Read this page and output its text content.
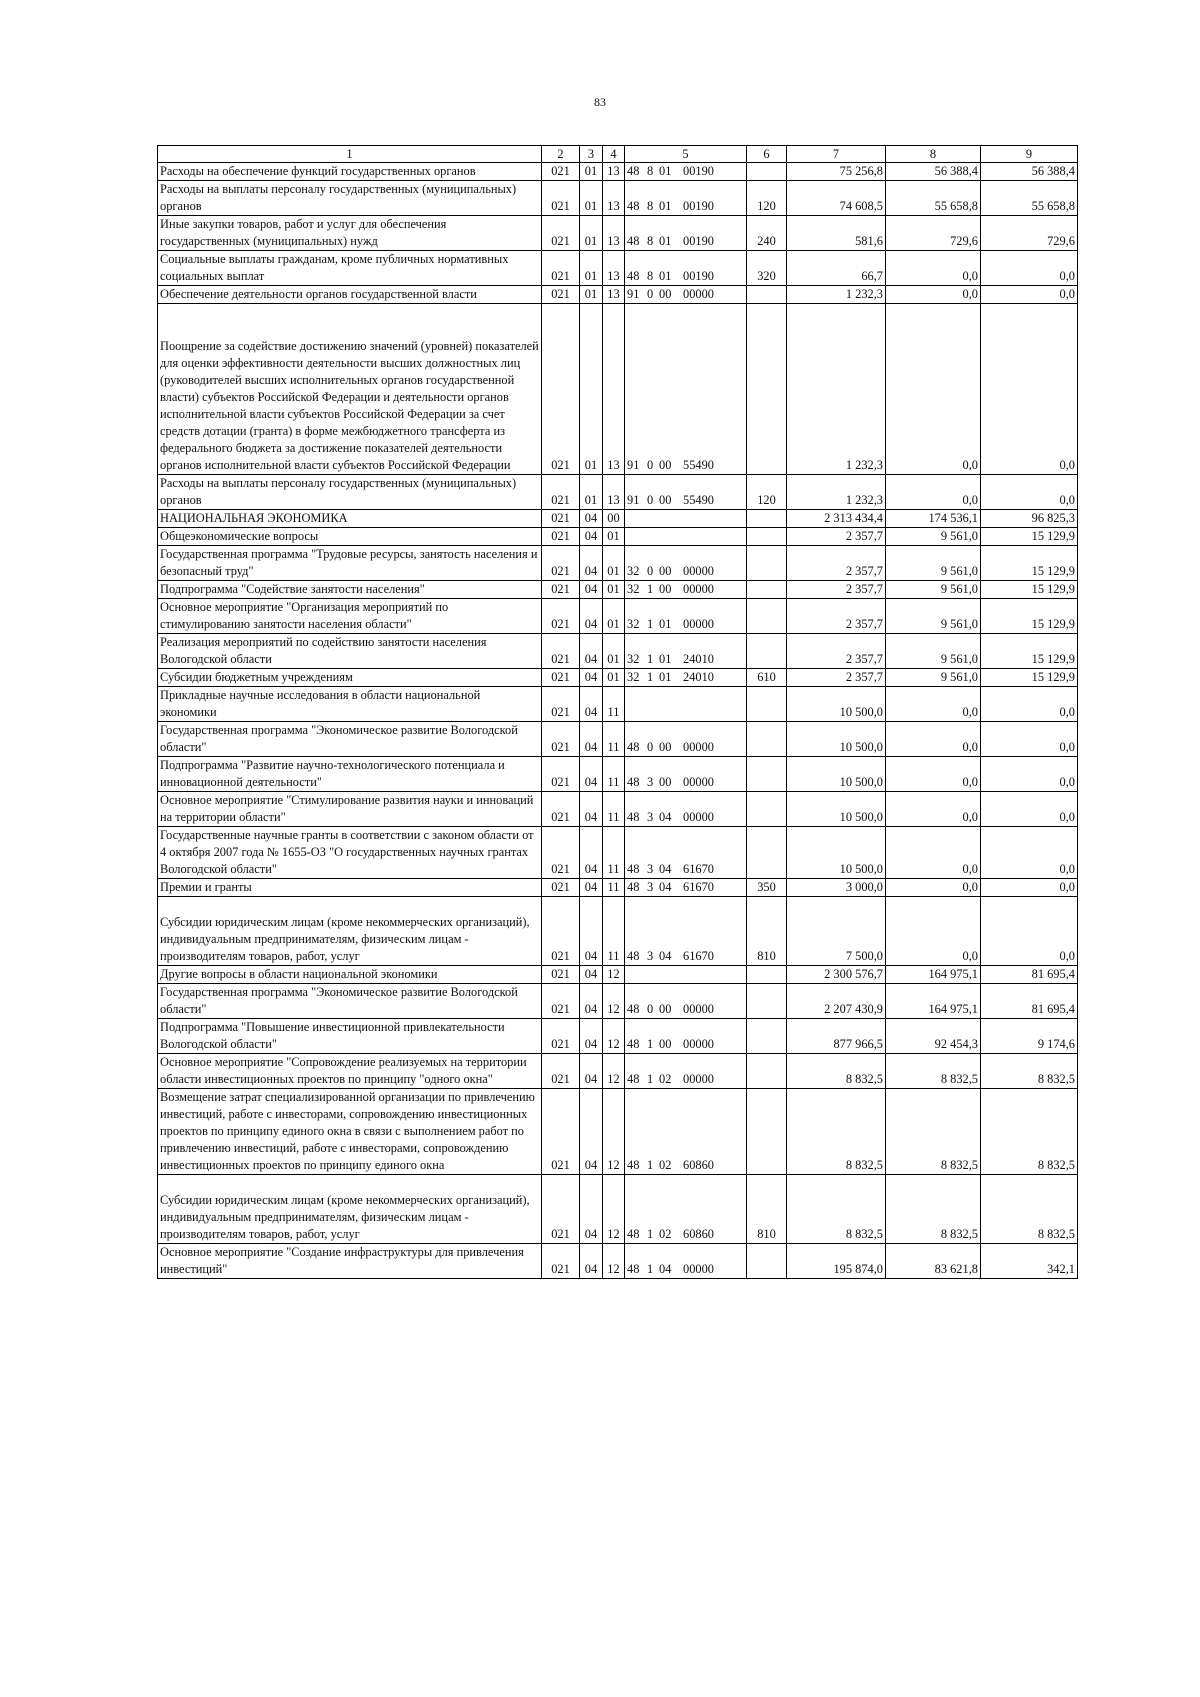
83
1	2	3	4	5	6	7	8	9
Расходы на обеспечение функций государственных органов	021	01	13	48 8 01 00190		75 256,8	56 388,4	56 388,4
Расходы на выплаты персоналу государственных (муниципальных) органов	021	01	13	48 8 01 00190	120	74 608,5	55 658,8	55 658,8
Иные закупки товаров, работ и услуг для обеспечения государственных (муниципальных) нужд	021	01	13	48 8 01 00190	240	581,6	729,6	729,6
Социальные выплаты гражданам, кроме публичных нормативных социальных выплат	021	01	13	48 8 01 00190	320	66,7	0,0	0,0
Обеспечение деятельности органов государственной власти	021	01	13	91 0 00 00000		1 232,3	0,0	0,0

Поощрение за содействие достижению значений (уровней) показателей для оценки эффективности деятельности высших должностных лиц (руководителей высших исполнительных органов государственной власти) субъектов Российской Федерации и деятельности органов исполнительной власти субъектов Российской Федерации за счет средств дотации (гранта) в форме межбюджетного трансферта из федерального бюджета за достижение показателей деятельности органов исполнительной власти субъектов Российской Федерации	021	01	13	91 0 00 55490		1 232,3	0,0	0,0
Расходы на выплаты персоналу государственных (муниципальных) органов	021	01	13	91 0 00 55490	120	1 232,3	0,0	0,0
НАЦИОНАЛЬНАЯ ЭКОНОМИКА	021	04	00			2 313 434,4	174 536,1	96 825,3
Общеэкономические вопросы	021	04	01			2 357,7	9 561,0	15 129,9
Государственная программа "Трудовые ресурсы, занятость населения и безопасный труд"	021	04	01	32 0 00 00000		2 357,7	9 561,0	15 129,9
Подпрограмма "Содействие занятости населения"	021	04	01	32 1 00 00000		2 357,7	9 561,0	15 129,9
Основное мероприятие "Организация мероприятий по стимулированию занятости населения области"	021	04	01	32 1 01 00000		2 357,7	9 561,0	15 129,9
Реализация мероприятий по содействию занятости населения Вологодской области	021	04	01	32 1 01 24010		2 357,7	9 561,0	15 129,9
Субсидии бюджетным учреждениям	021	04	01	32 1 01 24010	610	2 357,7	9 561,0	15 129,9
Прикладные научные исследования в области национальной экономики	021	04	11			10 500,0	0,0	0,0
Государственная программа "Экономическое развитие Вологодской области"	021	04	11	48 0 00 00000		10 500,0	0,0	0,0
Подпрограмма "Развитие научно-технологического потенциала и инновационной деятельности"	021	04	11	48 3 00 00000		10 500,0	0,0	0,0
Основное мероприятие "Стимулирование развития науки и инноваций на территории области"	021	04	11	48 3 04 00000		10 500,0	0,0	0,0
Государственные научные гранты в соответствии с законом области от 4 октября 2007 года № 1655-ОЗ "О государственных научных грантах Вологодской области"	021	04	11	48 3 04 61670		10 500,0	0,0	0,0
Премии и гранты	021	04	11	48 3 04 61670	350	3 000,0	0,0	0,0

Субсидии юридическим лицам (кроме некоммерческих организаций), индивидуальным предпринимателям, физическим лицам - производителям товаров, работ, услуг	021	04	11	48 3 04 61670	810	7 500,0	0,0	0,0
Другие вопросы в области национальной экономики	021	04	12			2 300 576,7	164 975,1	81 695,4
Государственная программа "Экономическое развитие Вологодской области"	021	04	12	48 0 00 00000		2 207 430,9	164 975,1	81 695,4
Подпрограмма "Повышение инвестиционной привлекательности Вологодской области"	021	04	12	48 1 00 00000		877 966,5	92 454,3	9 174,6
Основное мероприятие "Сопровождение реализуемых на территории области инвестиционных проектов по принципу "одного окна"	021	04	12	48 1 02 00000		8 832,5	8 832,5	8 832,5
Возмещение затрат специализированной организации по привлечению инвестиций, работе с инвесторами, сопровождению инвестиционных проектов по принципу единого окна в связи с выполнением работ по привлечению инвестиций, работе с инвесторами, сопровождению инвестиционных проектов по принципу единого окна	021	04	12	48 1 02 60860		8 832,5	8 832,5	8 832,5

Субсидии юридическим лицам (кроме некоммерческих организаций), индивидуальным предпринимателям, физическим лицам - производителям товаров, работ, услуг	021	04	12	48 1 02 60860	810	8 832,5	8 832,5	8 832,5
Основное мероприятие "Создание инфраструктуры для привлечения инвестиций"	021	04	12	48 1 04 00000		195 874,0	83 621,8	342,1
